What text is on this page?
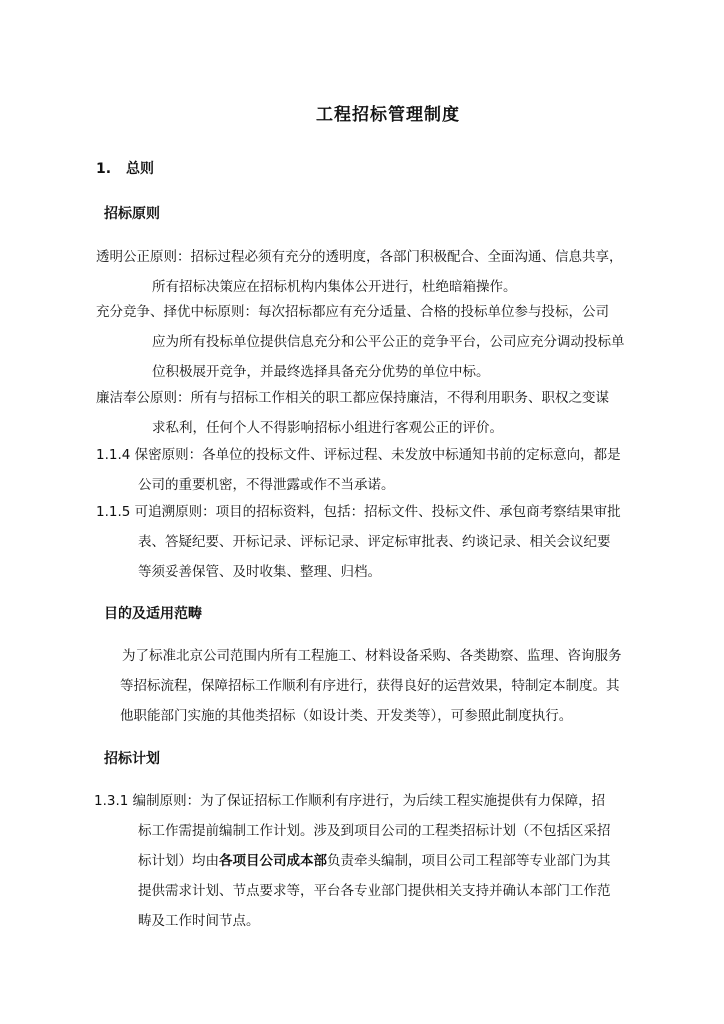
工程招标管理制度
1. 总则
招标原则
透明公正原则：招标过程必须有充分的透明度，各部门积极配合、全面沟通、信息共享，
所有招标决策应在招标机构内集体公开进行，杜绝暗箱操作。
充分竞争、择优中标原则：每次招标都应有充分适量、合格的投标单位参与投标，公司
应为所有投标单位提供信息充分和公平公正的竞争平台，公司应充分调动投标单
位积极展开竞争，并最终选择具备充分优势的单位中标。
廉洁奉公原则：所有与招标工作相关的职工都应保持廉洁，不得利用职务、职权之变谋
求私利，任何个人不得影响招标小组进行客观公正的评价。
1.1.4 保密原则：各单位的投标文件、评标过程、未发放中标通知书前的定标意向，都是
公司的重要机密，不得泄露或作不当承诺。
1.1.5 可追溯原则：项目的招标资料，包括：招标文件、投标文件、承包商考察结果审批
表、答疑纪要、开标记录、评标记录、评定标审批表、约谈记录、相关会议纪要
等须妥善保管、及时收集、整理、归档。
目的及适用范畴
为了标准北京公司范围内所有工程施工、材料设备采购、各类勘察、监理、咨询服务
等招标流程，保障招标工作顺利有序进行，获得良好的运营效果，特制定本制度。其
他职能部门实施的其他类招标（如设计类、开发类等），可参照此制度执行。
招标计划
1.3.1 编制原则：为了保证招标工作顺利有序进行，为后续工程实施提供有力保障，招
标工作需提前编制工作计划。涉及到项目公司的工程类招标计划（不包括区采招
标计划）均由各项目公司成本部负责牵头编制，项目公司工程部等专业部门为其
提供需求计划、节点要求等，平台各专业部门提供相关支持并确认本部门工作范
畴及工作时间节点。
